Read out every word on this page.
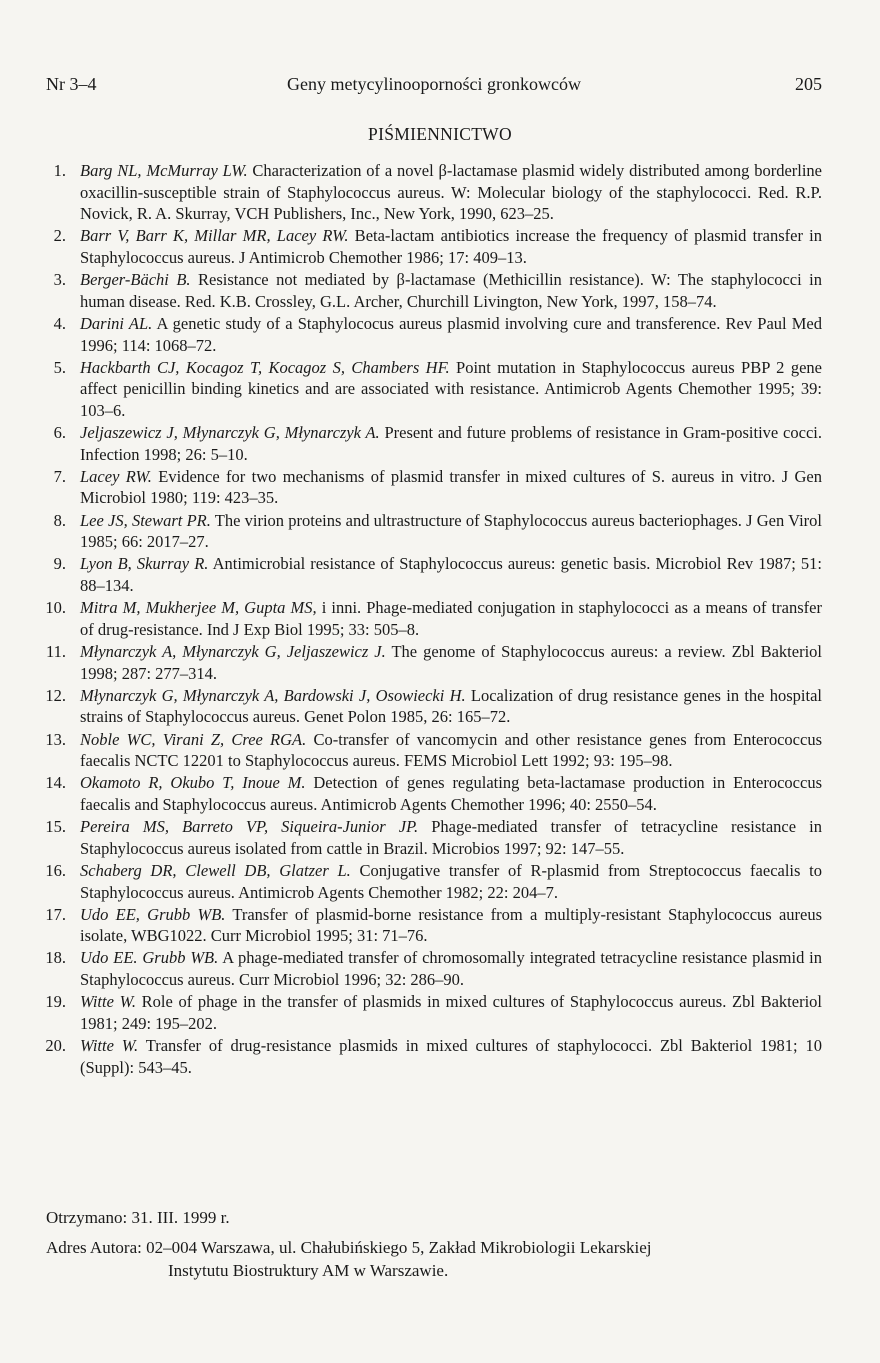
Nr 3–4	Geny metycylinooporności gronkowców	205
PIŚMIENNICTWO
1. Barg NL, McMurray LW. Characterization of a novel β-lactamase plasmid widely distributed among borderline oxacillin-susceptible strain of Staphylococcus aureus. W: Molecular biology of the staphylococci. Red. R.P. Novick, R. A. Skurray, VCH Publishers, Inc., New York, 1990, 623–25.
2. Barr V, Barr K, Millar MR, Lacey RW. Beta-lactam antibiotics increase the frequency of plasmid transfer in Staphylococcus aureus. J Antimicrob Chemother 1986; 17: 409–13.
3. Berger-Bächi B. Resistance not mediated by β-lactamase (Methicillin resistance). W: The staphylococci in human disease. Red. K.B. Crossley, G.L. Archer, Churchill Livington, New York, 1997, 158–74.
4. Darini AL. A genetic study of a Staphylococus aureus plasmid involving cure and transference. Rev Paul Med 1996; 114: 1068–72.
5. Hackbarth CJ, Kocagoz T, Kocagoz S, Chambers HF. Point mutation in Staphylococcus aureus PBP 2 gene affect penicillin binding kinetics and are associated with resistance. Antimicrob Agents Chemother 1995; 39: 103–6.
6. Jeljaszewicz J, Młynarczyk G, Młynarczyk A. Present and future problems of resistance in Gram-positive cocci. Infection 1998; 26: 5–10.
7. Lacey RW. Evidence for two mechanisms of plasmid transfer in mixed cultures of S. aureus in vitro. J Gen Microbiol 1980; 119: 423–35.
8. Lee JS, Stewart PR. The virion proteins and ultrastructure of Staphylococcus aureus bacteriophages. J Gen Virol 1985; 66: 2017–27.
9. Lyon B, Skurray R. Antimicrobial resistance of Staphylococcus aureus: genetic basis. Microbiol Rev 1987; 51: 88–134.
10. Mitra M, Mukherjee M, Gupta MS, i inni. Phage-mediated conjugation in staphylococci as a means of transfer of drug-resistance. Ind J Exp Biol 1995; 33: 505–8.
11. Młynarczyk A, Młynarczyk G, Jeljaszewicz J. The genome of Staphylococcus aureus: a review. Zbl Bakteriol 1998; 287: 277–314.
12. Młynarczyk G, Młynarczyk A, Bardowski J, Osowiecki H. Localization of drug resistance genes in the hospital strains of Staphylococcus aureus. Genet Polon 1985, 26: 165–72.
13. Noble WC, Virani Z, Cree RGA. Co-transfer of vancomycin and other resistance genes from Enterococcus faecalis NCTC 12201 to Staphylococcus aureus. FEMS Microbiol Lett 1992; 93: 195–98.
14. Okamoto R, Okubo T, Inoue M. Detection of genes regulating beta-lactamase production in Enterococcus faecalis and Staphylococcus aureus. Antimicrob Agents Chemother 1996; 40: 2550–54.
15. Pereira MS, Barreto VP, Siqueira-Junior JP. Phage-mediated transfer of tetracycline resistance in Staphylococcus aureus isolated from cattle in Brazil. Microbios 1997; 92: 147–55.
16. Schaberg DR, Clewell DB, Glatzer L. Conjugative transfer of R-plasmid from Streptococcus faecalis to Staphylococcus aureus. Antimicrob Agents Chemother 1982; 22: 204–7.
17. Udo EE, Grubb WB. Transfer of plasmid-borne resistance from a multiply-resistant Staphylococcus aureus isolate, WBG1022. Curr Microbiol 1995; 31: 71–76.
18. Udo EE. Grubb WB. A phage-mediated transfer of chromosomally integrated tetracycline resistance plasmid in Staphylococcus aureus. Curr Microbiol 1996; 32: 286–90.
19. Witte W. Role of phage in the transfer of plasmids in mixed cultures of Staphylococcus aureus. Zbl Bakteriol 1981; 249: 195–202.
20. Witte W. Transfer of drug-resistance plasmids in mixed cultures of staphylococci. Zbl Bakteriol 1981; 10 (Suppl): 543–45.
Otrzymano: 31. III. 1999 r.
Adres Autora: 02–004 Warszawa, ul. Chałubińskiego 5, Zakład Mikrobiologii Lekarskiej
Instytutu Biostruktury AM w Warszawie.
